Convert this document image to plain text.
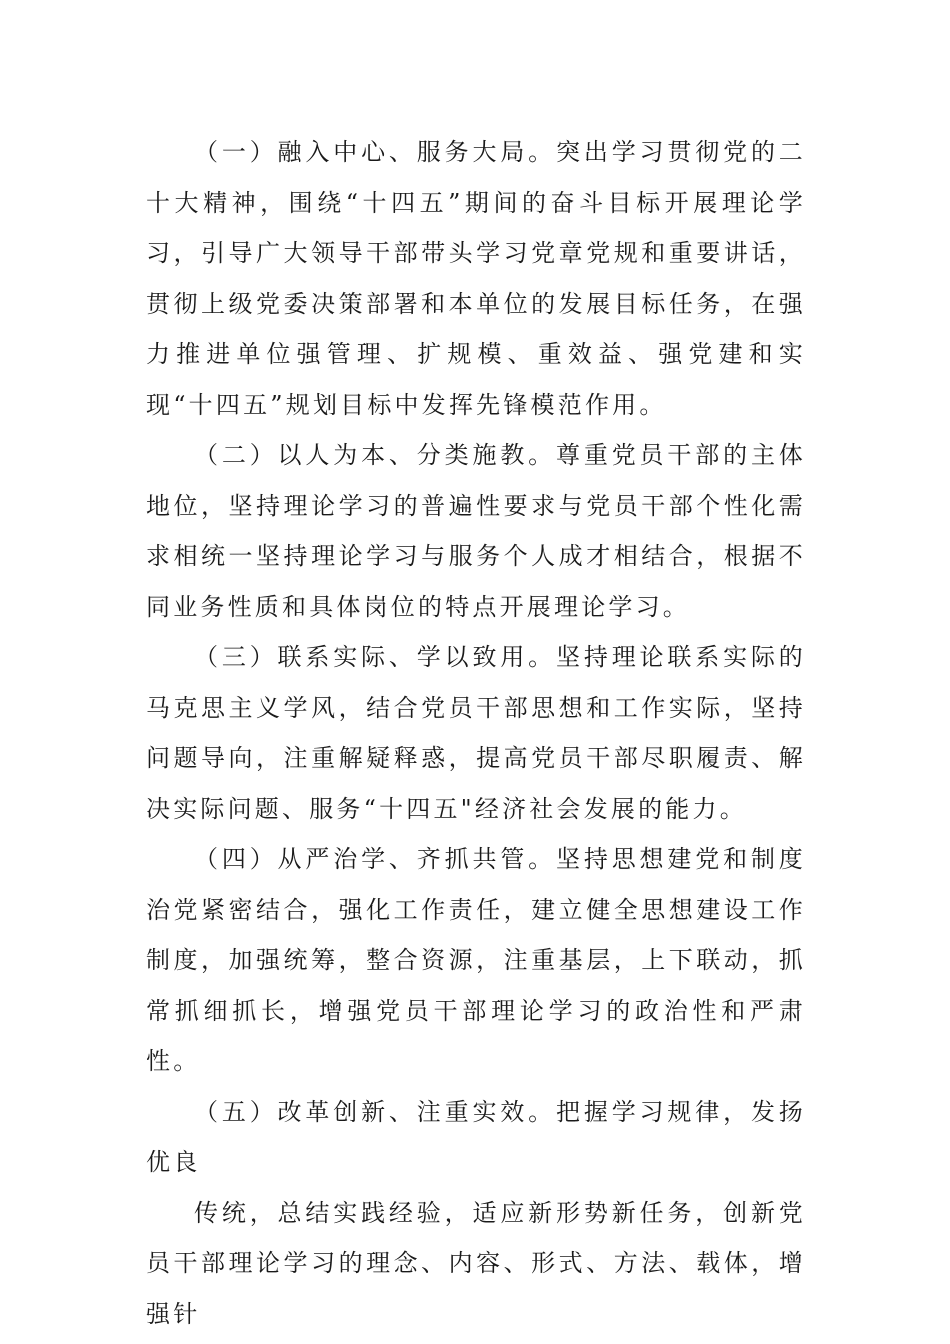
（一）融入中心、服务大局。突出学习贯彻党的二十大精神，围绕“十四五”期间的奋斗目标开展理论学习，引导广大领导干部带头学习党章党规和重要讲话，贯彻上级党委决策部署和本单位的发展目标任务，在强力推进单位强管理、扩规模、重效益、强党建和实现“十四五”规划目标中发挥先锋模范作用。

（二）以人为本、分类施教。尊重党员干部的主体地位，坚持理论学习的普遍性要求与党员干部个性化需求相统一坚持理论学习与服务个人成才相结合，根据不同业务性质和具体岗位的特点开展理论学习。

（三）联系实际、学以致用。坚持理论联系实际的马克思主义学风，结合党员干部思想和工作实际，坚持问题导向，注重解疑释惑，提高党员干部尽职履责、解决实际问题、服务“十四五"经济社会发展的能力。

（四）从严治学、齐抓共管。坚持思想建党和制度治党紧密结合，强化工作责任，建立健全思想建设工作制度，加强统筹，整合资源，注重基层，上下联动，抓常抓细抓长，增强党员干部理论学习的政治性和严肃性。

（五）改革创新、注重实效。把握学习规律，发扬优良

传统，总结实践经验，适应新形势新任务，创新党员干部理论学习的理念、内容、形式、方法、载体，增强针
